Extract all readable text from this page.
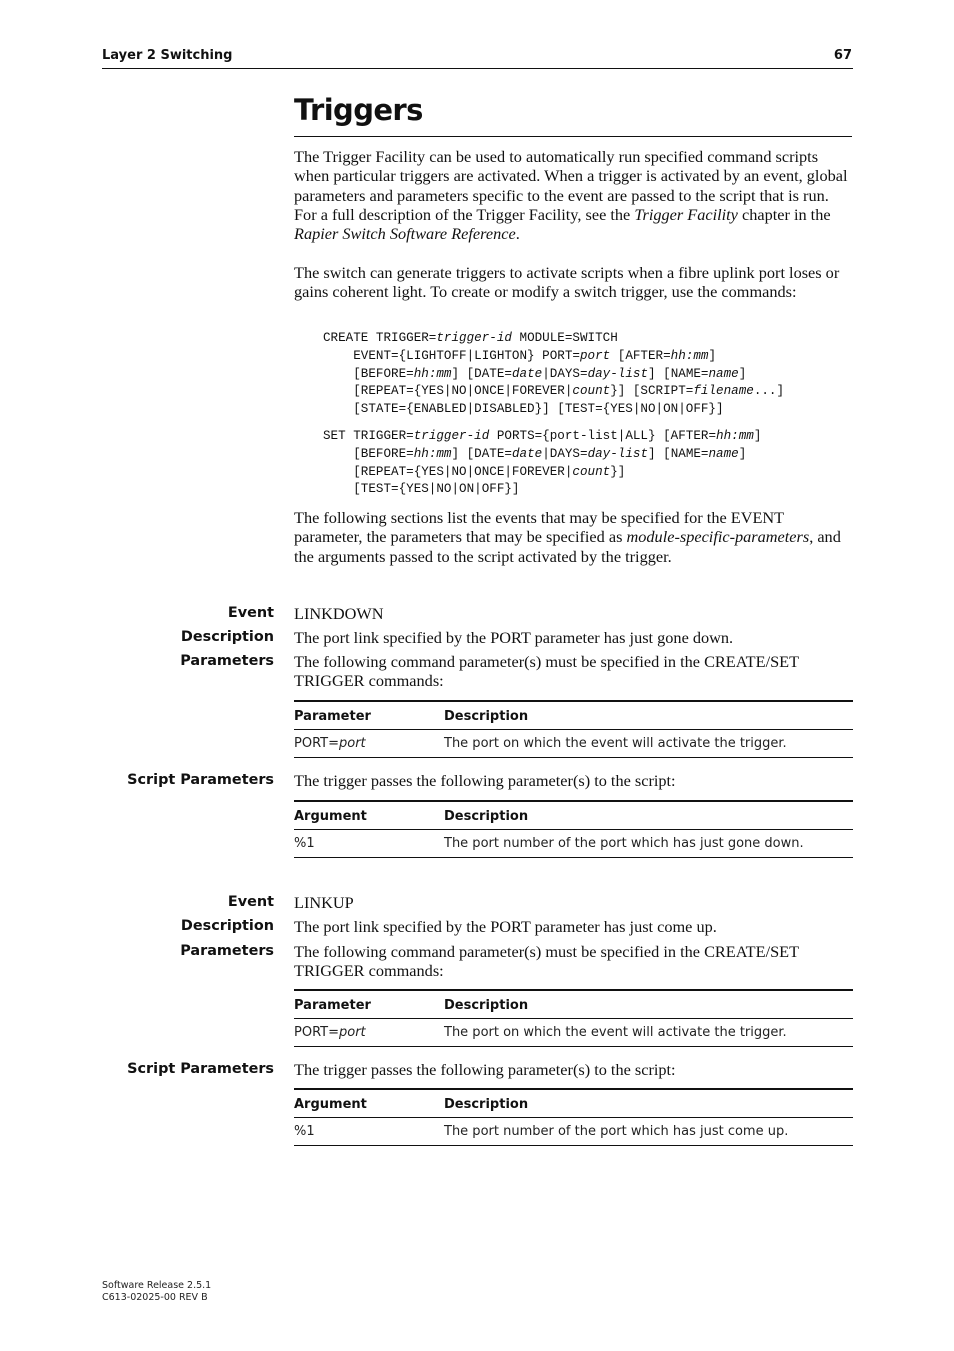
Layer 2 Switching	67
Triggers

The Trigger Facility can be used to automatically run specified command scripts when particular triggers are activated. When a trigger is activated by an event, global parameters and parameters specific to the event are passed to the script that is run. For a full description of the Trigger Facility, see the Trigger Facility chapter in the Rapier Switch Software Reference.

The switch can generate triggers to activate scripts when a fibre uplink port loses or gains coherent light. To create or modify a switch trigger, use the commands:

CREATE TRIGGER=trigger-id MODULE=SWITCH
EVENT={LIGHTOFF|LIGHTON} PORT=port [AFTER=hh:mm]
[BEFORE=hh:mm] [DATE=date|DAYS=day-list] [NAME=name]
[REPEAT={YES|NO|ONCE|FOREVER|count}] [SCRIPT=filename...]
[STATE={ENABLED|DISABLED}] [TEST={YES|NO|ON|OFF}]
SET TRIGGER=trigger-id PORTS={port-list|ALL} [AFTER=hh:mm]
[BEFORE=hh:mm] [DATE=date|DAYS=day-list] [NAME=name]
[REPEAT={YES|NO|ONCE|FOREVER|count}]
[TEST={YES|NO|ON|OFF}]

The following sections list the events that may be specified for the EVENT parameter, the parameters that may be specified as module-specific-parameters, and the arguments passed to the script activated by the trigger.

Event LINKDOWN
Description The port link specified by the PORT parameter has just gone down.
Parameters The following command parameter(s) must be specified in the CREATE/SET TRIGGER commands:
Parameter	Description
PORT=port	The port on which the event will activate the trigger.
Script Parameters The trigger passes the following parameter(s) to the script:
Argument	Description
%1	The port number of the port which has just gone down.
Event LINKUP
Description The port link specified by the PORT parameter has just come up.
Parameters The following command parameter(s) must be specified in the CREATE/SET TRIGGER commands:
Parameter	Description
PORT=port	The port on which the event will activate the trigger.
Script Parameters The trigger passes the following parameter(s) to the script:
Argument	Description
%1	The port number of the port which has just come up.
Software Release 2.5.1
C613-02025-00 REV B
